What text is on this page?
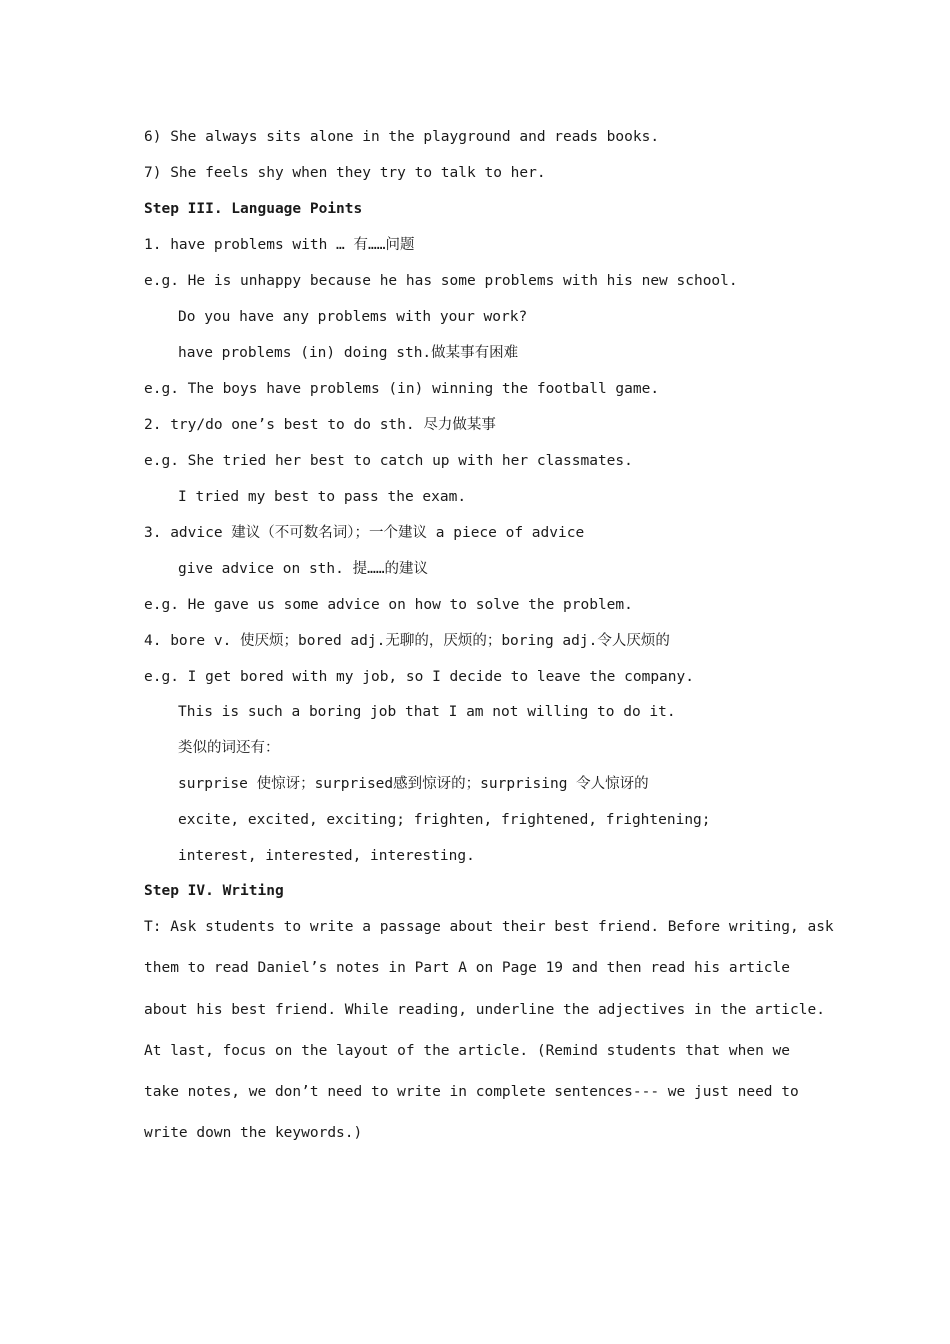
6) She always sits alone in the playground and reads books.
7) She feels shy when they try to talk to her.
Step III. Language Points
1. have problems with … 有……问题
e.g. He is unhappy because he has some problems with his new school.
Do you have any problems with your work?
have problems (in) doing sth.做某事有困难
e.g. The boys have problems (in) winning the football game.
2. try/do one’s best to do sth. 尽力做某事
e.g. She tried her best to catch up with her classmates.
I tried my best to pass the exam.
3. advice 建议（不可数名词）；一个建议 a piece of advice
give advice on sth. 提……的建议
e.g. He gave us some advice on how to solve the problem.
4. bore v. 使厌烦；bored adj.无聊的，厌烦的；boring adj.令人厌烦的
e.g. I get bored with my job, so I decide to leave the company.
This is such a boring job that I am not willing to do it.
类似的词还有：
surprise 使惊讶；surprised感到惊讶的；surprising 令人惊讶的
excite, excited, exciting; frighten, frightened, frightening;
interest, interested, interesting.
Step IV. Writing
T: Ask students to write a passage about their best friend. Before writing, ask
them to read Daniel’s notes in Part A on Page 19 and then read his article
about his best friend. While reading, underline the adjectives in the article.
At last, focus on the layout of the article. (Remind students that when we
take notes, we don’t need to write in complete sentences--- we just need to
write down the keywords.)
